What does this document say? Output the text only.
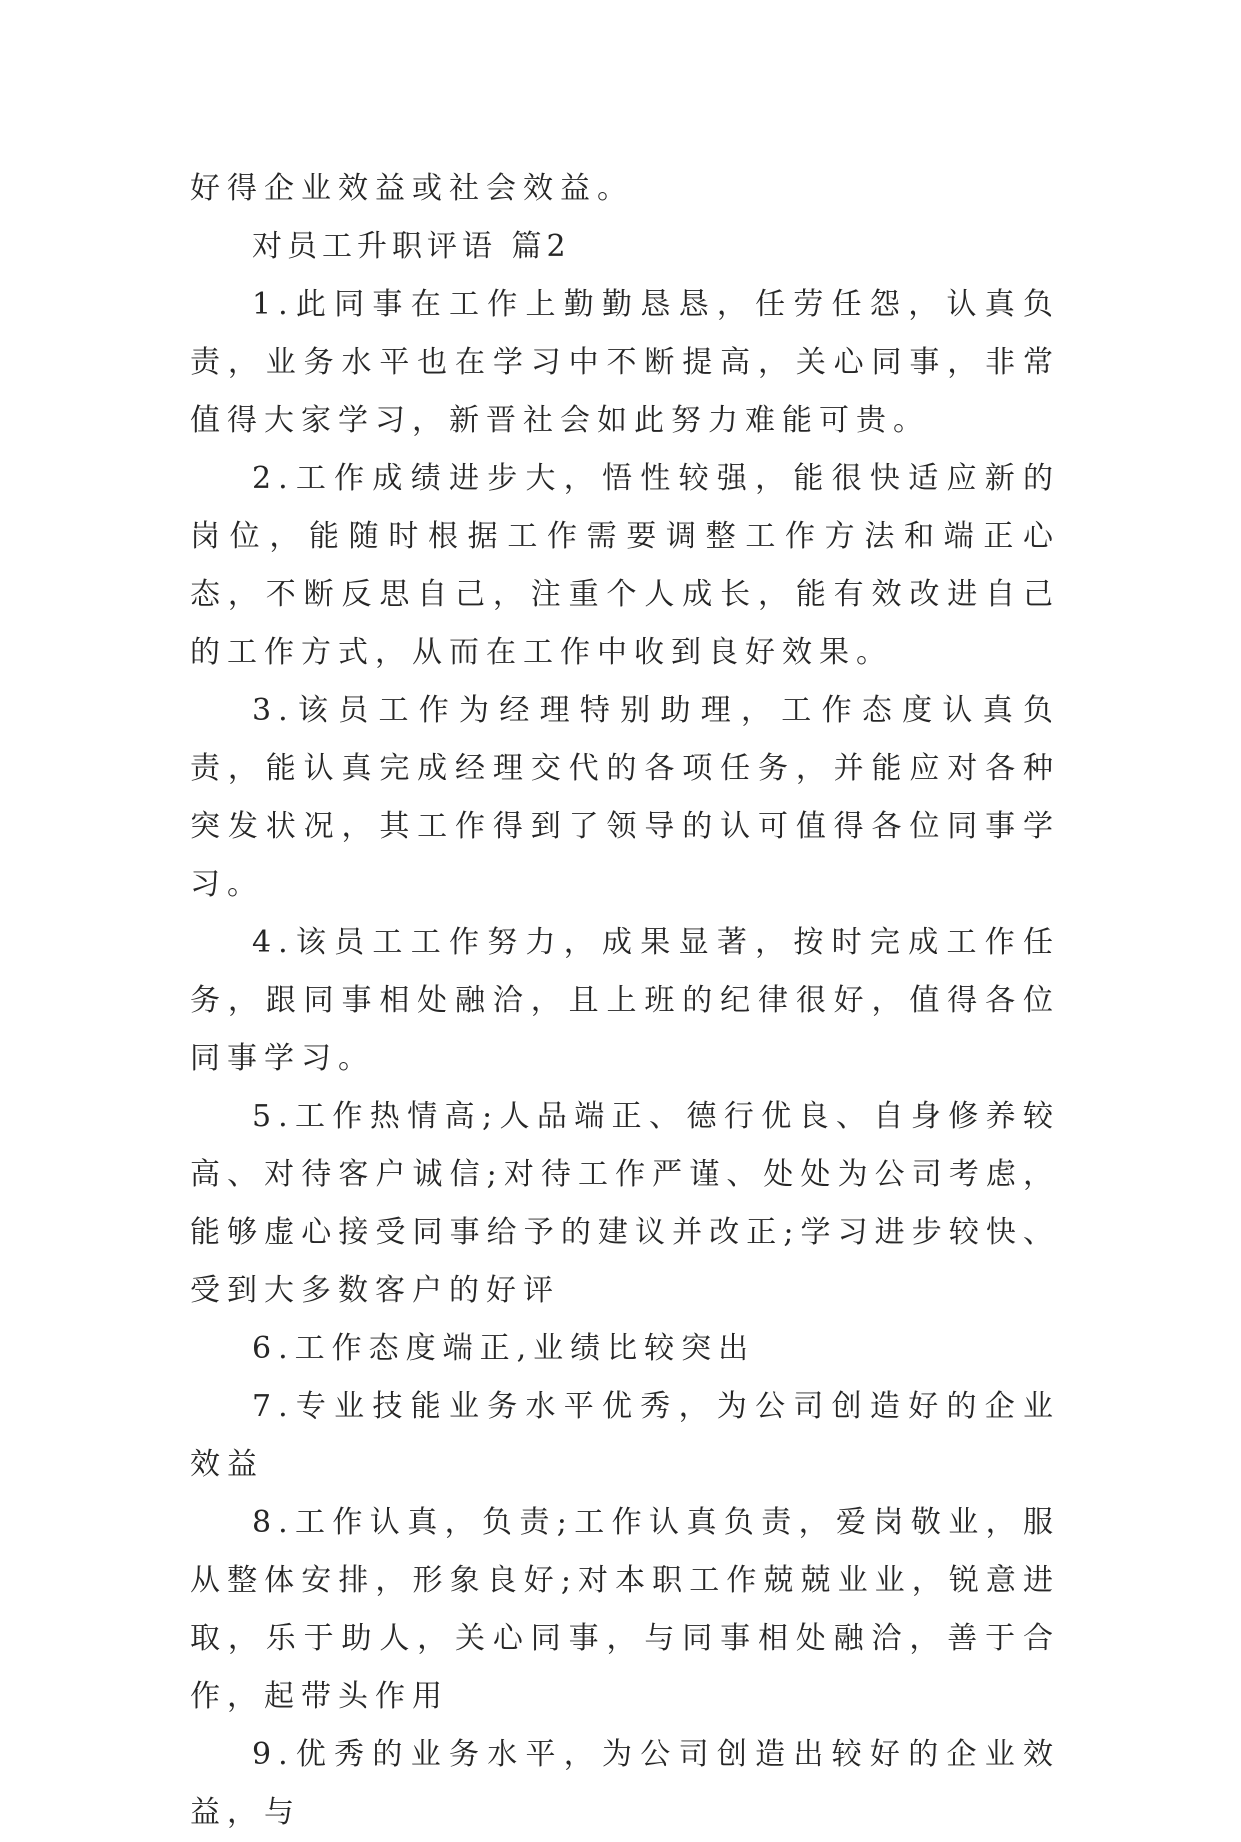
好得企业效益或社会效益。

对员工升职评语 篇2

1.此同事在工作上勤勤恳恳，任劳任怨，认真负责，业务水平也在学习中不断提高，关心同事，非常值得大家学习，新晋社会如此努力难能可贵。

2.工作成绩进步大，悟性较强，能很快适应新的岗位，能随时根据工作需要调整工作方法和端正心态，不断反思自己，注重个人成长，能有效改进自己的工作方式，从而在工作中收到良好效果。

3.该员工作为经理特别助理，工作态度认真负责，能认真完成经理交代的各项任务，并能应对各种突发状况，其工作得到了领导的认可值得各位同事学习。

4.该员工工作努力，成果显著，按时完成工作任务，跟同事相处融洽，且上班的纪律很好，值得各位同事学习。

5.工作热情高;人品端正、德行优良、自身修养较高、对待客户诚信;对待工作严谨、处处为公司考虑，能够虚心接受同事给予的建议并改正;学习进步较快、受到大多数客户的好评

6.工作态度端正,业绩比较突出

7.专业技能业务水平优秀，为公司创造好的企业效益

8.工作认真，负责;工作认真负责，爱岗敬业，服从整体安排，形象良好;对本职工作兢兢业业，锐意进取，乐于助人，关心同事，与同事相处融洽，善于合作，起带头作用

9.优秀的业务水平，为公司创造出较好的企业效益，与
